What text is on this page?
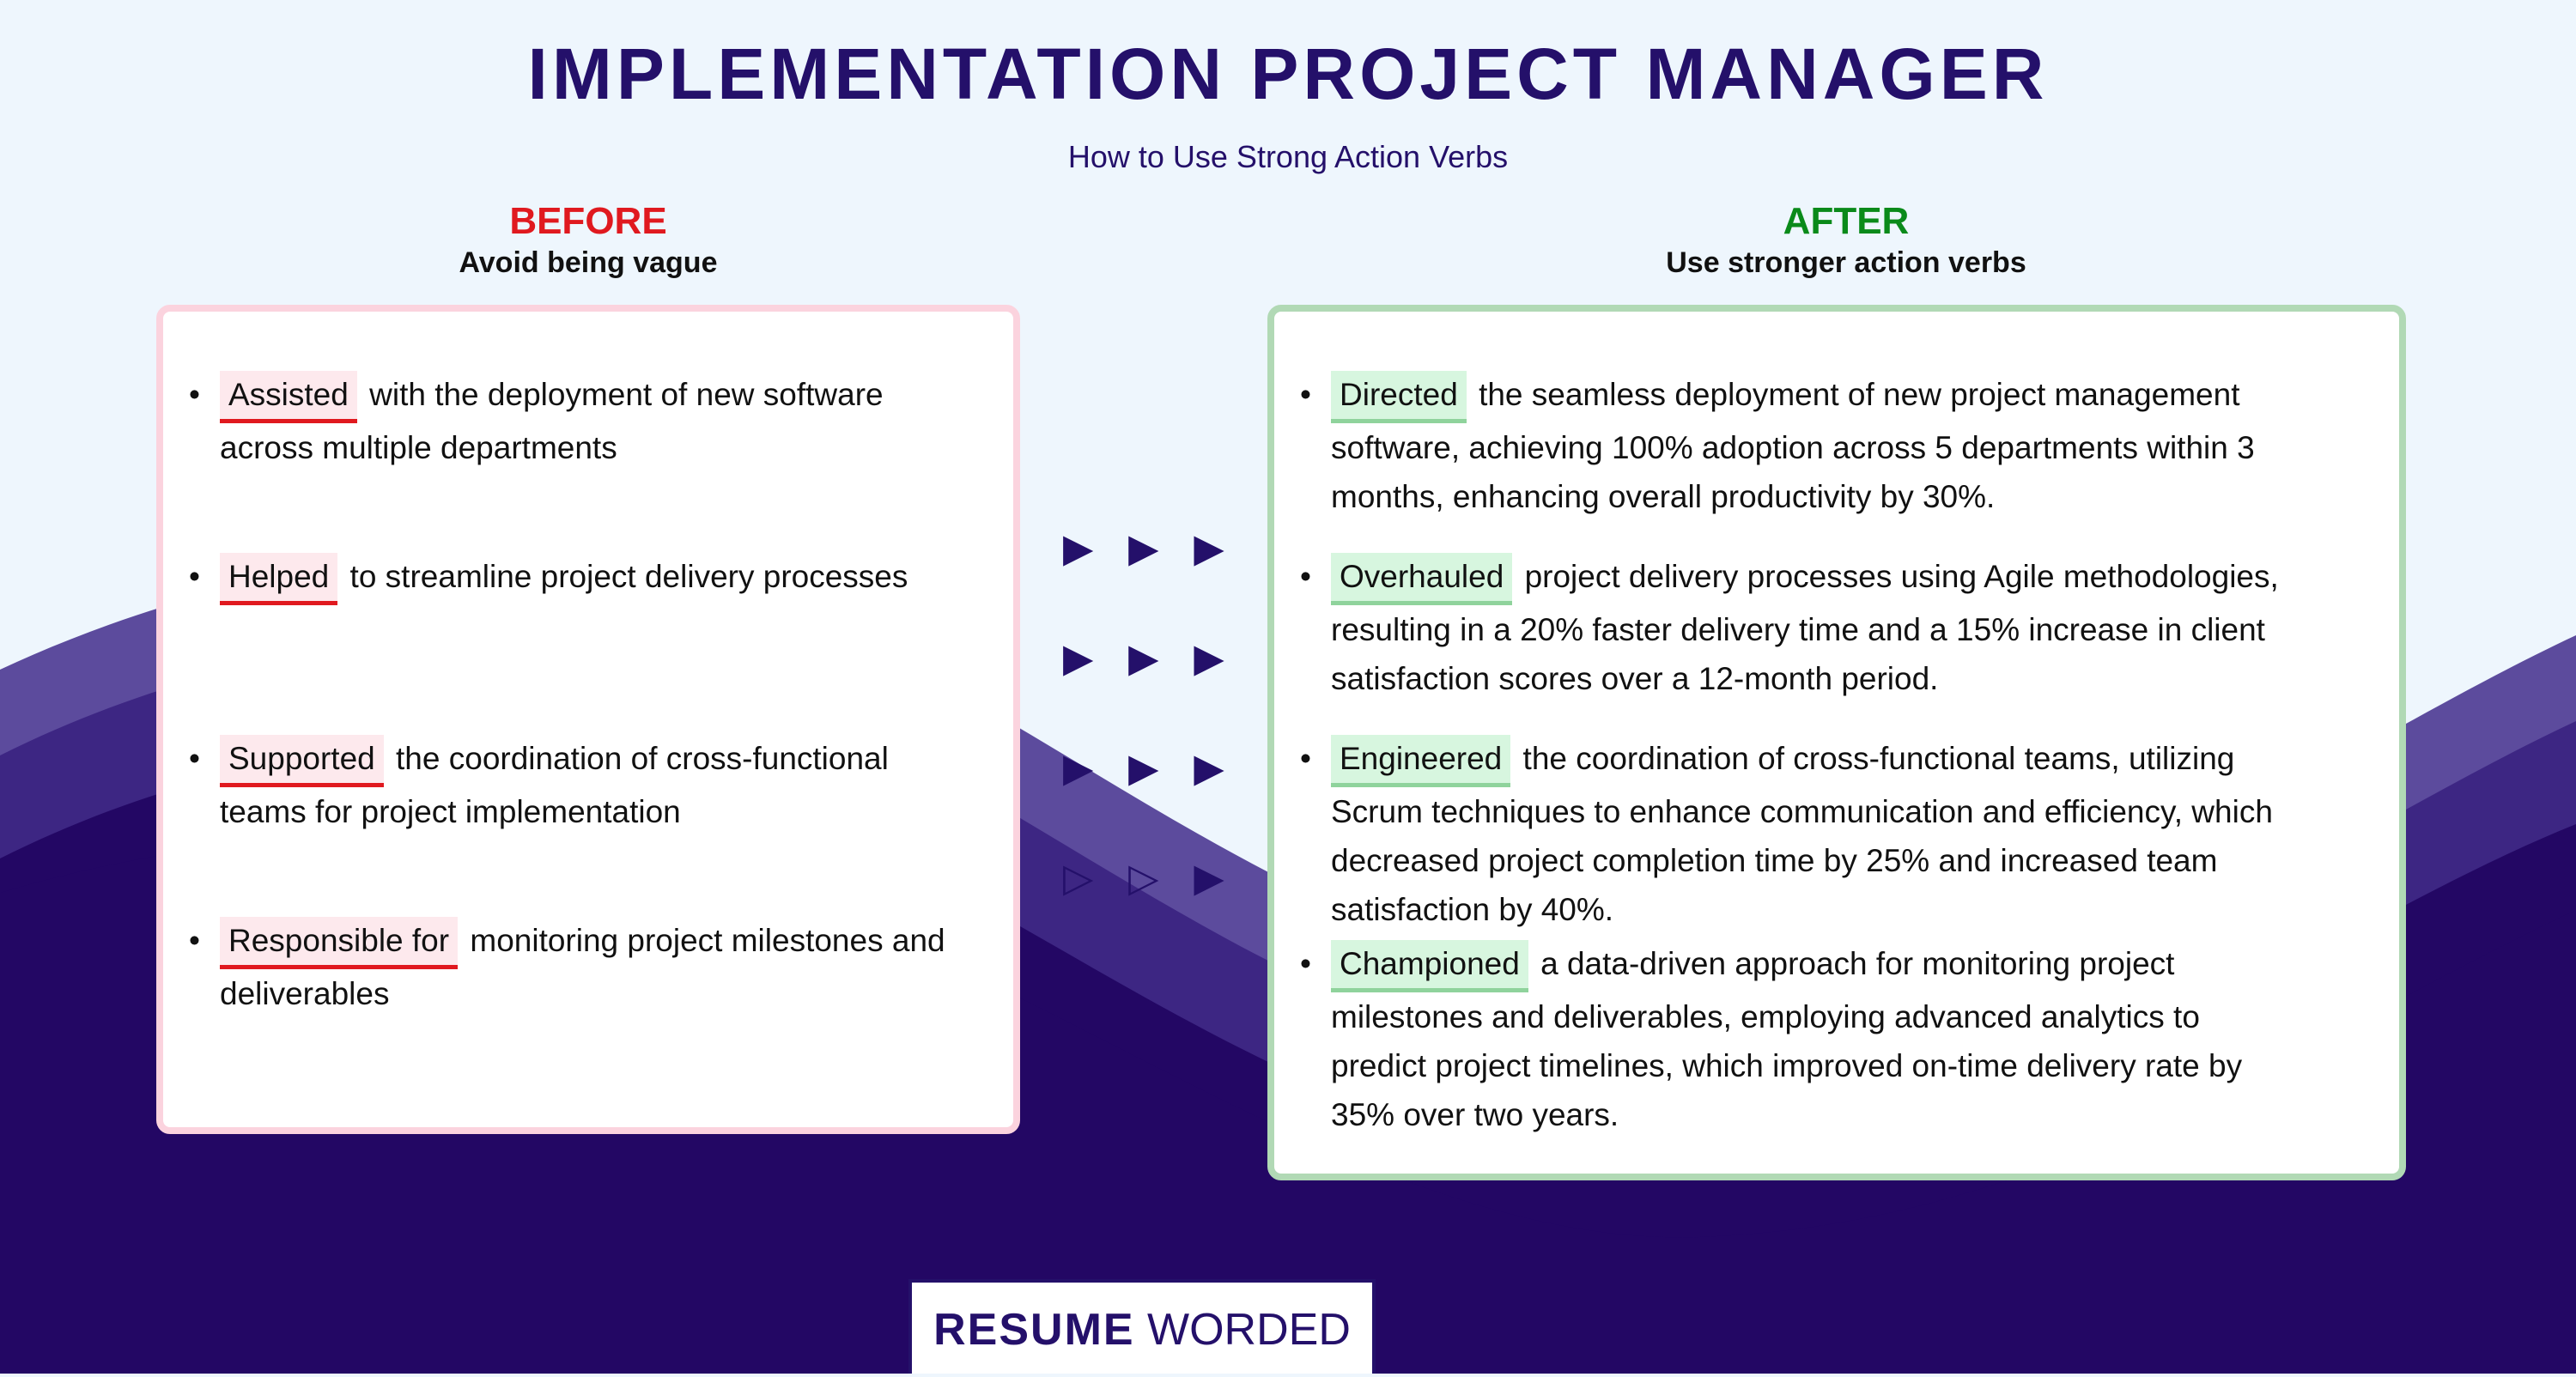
IMPLEMENTATION PROJECT MANAGER
How to Use Strong Action Verbs
BEFORE
Avoid being vague
AFTER
Use stronger action verbs
• Assisted with the deployment of new software
across multiple departments
• Helped to streamline project delivery processes
• Supported the coordination of cross-functional
teams for project implementation
• Responsible for monitoring project milestones and
deliverables
▶ ▶ ▶
▶ ▶ ▶
▶ ▶ ▶
▷ ▷ ▶
• Directed the seamless deployment of new project management
software, achieving 100% adoption across 5 departments within 3
months, enhancing overall productivity by 30%.
• Overhauled project delivery processes using Agile methodologies,
resulting in a 20% faster delivery time and a 15% increase in client
satisfaction scores over a 12-month period.
• Engineered the coordination of cross-functional teams, utilizing
Scrum techniques to enhance communication and efficiency, which
decreased project completion time by 25% and increased team
satisfaction by 40%.
• Championed a data-driven approach for monitoring project
milestones and deliverables, employing advanced analytics to
predict project timelines, which improved on-time delivery rate by
35% over two years.
RESUME WORDED
